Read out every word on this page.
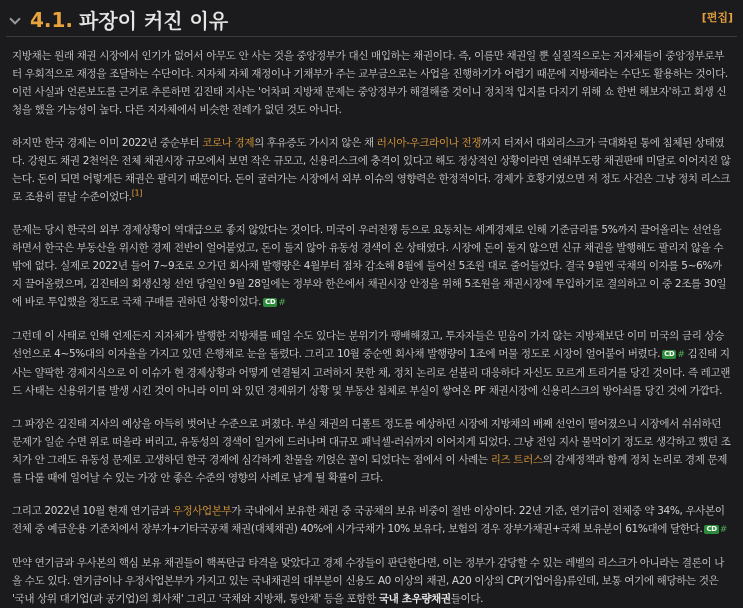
4.1. 파장이 커진 이유	[편집]

지방채는 원래 채권 시장에서 인기가 없어서 아무도 안 사는 것을 중앙정부가 대신 매입하는 채권이다. 즉, 이름만 채권일 뿐 실질적으로는 지자체들이 중앙정부로부터 우회적으로 재정을 조달하는 수단이다. 지자체 자체 재정이나 기채부가 주는 교부금으로는 사업을 진행하기가 어렵기 때문에 지방채라는 수단도 활용하는 것이다. 이런 사실과 언론보도를 근거로 추론하면 김진태 지사는 '어차피 지방채 문제는 중앙정부가 해결해줄 것이니 정치적 입지를 다지기 위해 쇼 한번 해보자'하고 회생 신청을 했을 가능성이 높다. 다른 지자체에서 비슷한 전례가 없던 것도 아니다.

하지만 한국 경제는 이미 2022년 중순부터 코로나 경제의 후유증도 가시지 않은 채 러시아-우크라이나 전쟁까지 터져서 대외리스크가 극대화된 통에 침체된 상태였다. 강원도 채권 2천억은 전체 채권시장 규모에서 보면 작은 규모고, 신용리스크에 충격이 있다고 해도 정상적인 상황이라면 연쇄부도랑 채권판매 미달로 이어지진 않는다. 돈이 되면 어렇게든 채권은 팔리기 때문이다. 돈이 굴러가는 시장에서 외부 이슈의 영향력은 한정적이다. 경제가 호황기였으면 저 정도 사건은 그냥 정치 리스크로 조용히 끝날 수준이었다.[1]

문제는 당시 한국의 외부 경제상황이 역대급으로 좋지 않았다는 것이다. 미국이 우러전쟁 등으로 요동치는 세계경제로 인해 기준금리를 5%까지 끌어올리는 선언을 하면서 한국은 부동산을 위시한 경제 전반이 얼어붙었고, 돈이 돌지 않아 유동성 경색이 온 상태였다. 시장에 돈이 돌지 않으면 신규 채권을 발행해도 팔리지 않을 수밖에 없다. 실제로 2022년 들어 7~9조로 오가던 회사채 발행량은 4월부터 점차 감소해 8월에 들어선 5조원 대로 줄어들었다. 결국 9월엔 국채의 이자를 5~6%까지 끌어올렸으며, 김진태의 회생신청 선언 당일인 9월 28일에는 정부와 한은에서 채권시장 안정을 위해 5조원을 채권시장에 투입하기로 결의하고 이 중 2조를 30일에 바로 투입했을 정도로 국채 구매를 권하던 상황이었다. CD #

그런데 이 사태로 인해 언제든지 지자체가 발행한 지방채를 떼일 수도 있다는 분위기가 팽배해졌고, 투자자들은 믿음이 가지 않는 지방채보단 이미 미국의 금리 상승 선언으로 4~5%대의 이자율을 가지고 있던 은행채로 눈을 돌렸다. 그리고 10월 중순엔 회사채 발행량이 1조에 머물 정도로 시장이 얼어붙어 버렸다. CD # 김진태 지사는 얄팍한 경제지식으로 이 이슈가 현 경제상황과 어떻게 연결될지 고려하지 못한 채, 정치 논리로 섣불리 대응하다 자신도 모르게 트리거를 당긴 것이다. 즉 레고랜드 사태는 신용위기를 발생 시킨 것이 아니라 이미 와 있던 경제위기 상황 및 부동산 침체로 부실이 쌓여온 PF 채권시장에 신용리스크의 방아쇠를 당긴 것에 가깝다.

그 파장은 김진태 지사의 예상을 아득히 벗어난 수준으로 퍼졌다. 부실 채권의 디폴트 정도를 예상하던 시장에 지방채의 배째 선언이 떨어졌으니 시장에서 쉬쉬하던 문제가 일순 수면 위로 떠올라 버리고, 유동성의 경색이 일거에 드러나며 대규모 패닉셀-러쉬까지 이어지게 되었다. 그냥 전임 지사 물먹이기 정도로 생각하고 했던 조치가 안 그래도 유동성 문제로 고생하던 한국 경제에 심각하게 찬물을 끼얹은 꼴이 되었다는 점에서 이 사례는 리즈 트러스의 감세정책과 함께 정치 논리로 경제 문제를 다룰 때에 일어날 수 있는 가장 안 좋은 수준의 영향의 사례로 남게 될 확률이 크다.

그리고 2022년 10월 현재 연기금과 우정사업본부가 국내에서 보유한 채권 중 국공채의 보유 비중이 절반 이상이다. 22년 기준, 연기금이 전체중 약 34%, 우사본이 전체 중 예금운용 기준치에서 장부가+기타국공채 채권(대체채권) 40%에 시가국채가 10% 보유다, 보험의 경우 장부가채권+국채 보유분이 61%대에 달한다. CD #

만약 연기금과 우사본의 핵심 보유 채권들이 핵폭탄급 타격을 맞았다고 경제 수장들이 판단한다면, 이는 정부가 감당할 수 있는 레벨의 리스크가 아니라는 결론이 나올 수도 있다. 연기금이나 우정사업본부가 가지고 있는 국내채권의 대부분이 신용도 A0 이상의 채권, A20 이상의 CP(기업어음)류인데, 보통 여기에 해당하는 것은 '국내 상위 대기업(과 공기업)의 회사채' 그리고 '국채와 지방채, 통안채' 등을 포함한 국내 초우량채권들이다.
